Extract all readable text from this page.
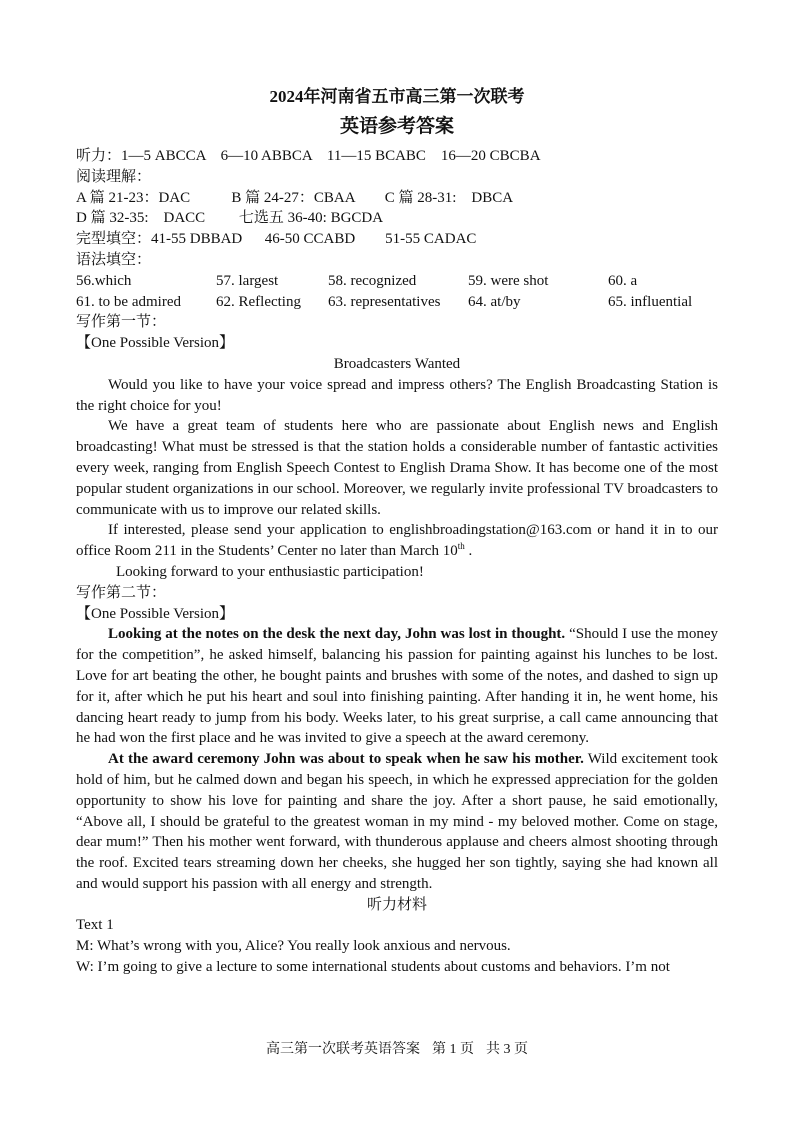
2024年河南省五市高三第一次联考

英语参考答案

听力：1—5 ABCCA    6—10 ABBCA    11—15 BCABC    16—20 CBCBA

阅读理解：

A 篇 21-23：DAC           B 篇 24-27：CBAA        C 篇 28-31:    DBCA

D 篇 32-35:    DACC         七选五 36-40: BGCDA

完型填空：41-55 DBBAD      46-50 CCABD        51-55 CADAC

语法填空：

56.which	57. largest	58. recognized	59. were shot	60. a
61. to be admired	62. Reflecting	63. representatives	64. at/by	65. influential

写作第一节：

【One Possible Version】

Broadcasters Wanted

Would you like to have your voice spread and impress others? The English Broadcasting Station is the right choice for you!

We have a great team of students here who are passionate about English news and English broadcasting! What must be stressed is that the station holds a considerable number of fantastic activities every week, ranging from English Speech Contest to English Drama Show. It has become one of the most popular student organizations in our school. Moreover, we regularly invite professional TV broadcasters to communicate with us to improve our related skills.

If interested, please send your application to englishbroadingstation@163.com or hand it in to our office Room 211 in the Students’ Center no later than March 10th .

Looking forward to your enthusiastic participation!

写作第二节：

【One Possible Version】

Looking at the notes on the desk the next day, John was lost in thought. “Should I use the money for the competition”, he asked himself, balancing his passion for painting against his lunches to be lost. Love for art beating the other, he bought paints and brushes with some of the notes, and dashed to sign up for it, after which he put his heart and soul into finishing painting. After handing it in, he went home, his dancing heart ready to jump from his body. Weeks later, to his great surprise, a call came announcing that he had won the first place and he was invited to give a speech at the award ceremony.

At the award ceremony John was about to speak when he saw his mother. Wild excitement took hold of him, but he calmed down and began his speech, in which he expressed appreciation for the golden opportunity to show his love for painting and share the joy. After a short pause, he said emotionally, “Above all, I should be grateful to the greatest woman in my mind - my beloved mother. Come on stage, dear mum!” Then his mother went forward, with thunderous applause and cheers almost shooting through the roof. Excited tears streaming down her cheeks, she hugged her son tightly, saying she had known all and would support his passion with all energy and strength.

听力材料

Text 1

M: What’s wrong with you, Alice? You really look anxious and nervous.

W: I’m going to give a lecture to some international students about customs and behaviors. I’m not

高三第一次联考英语答案 第 1 页 共 3 页
